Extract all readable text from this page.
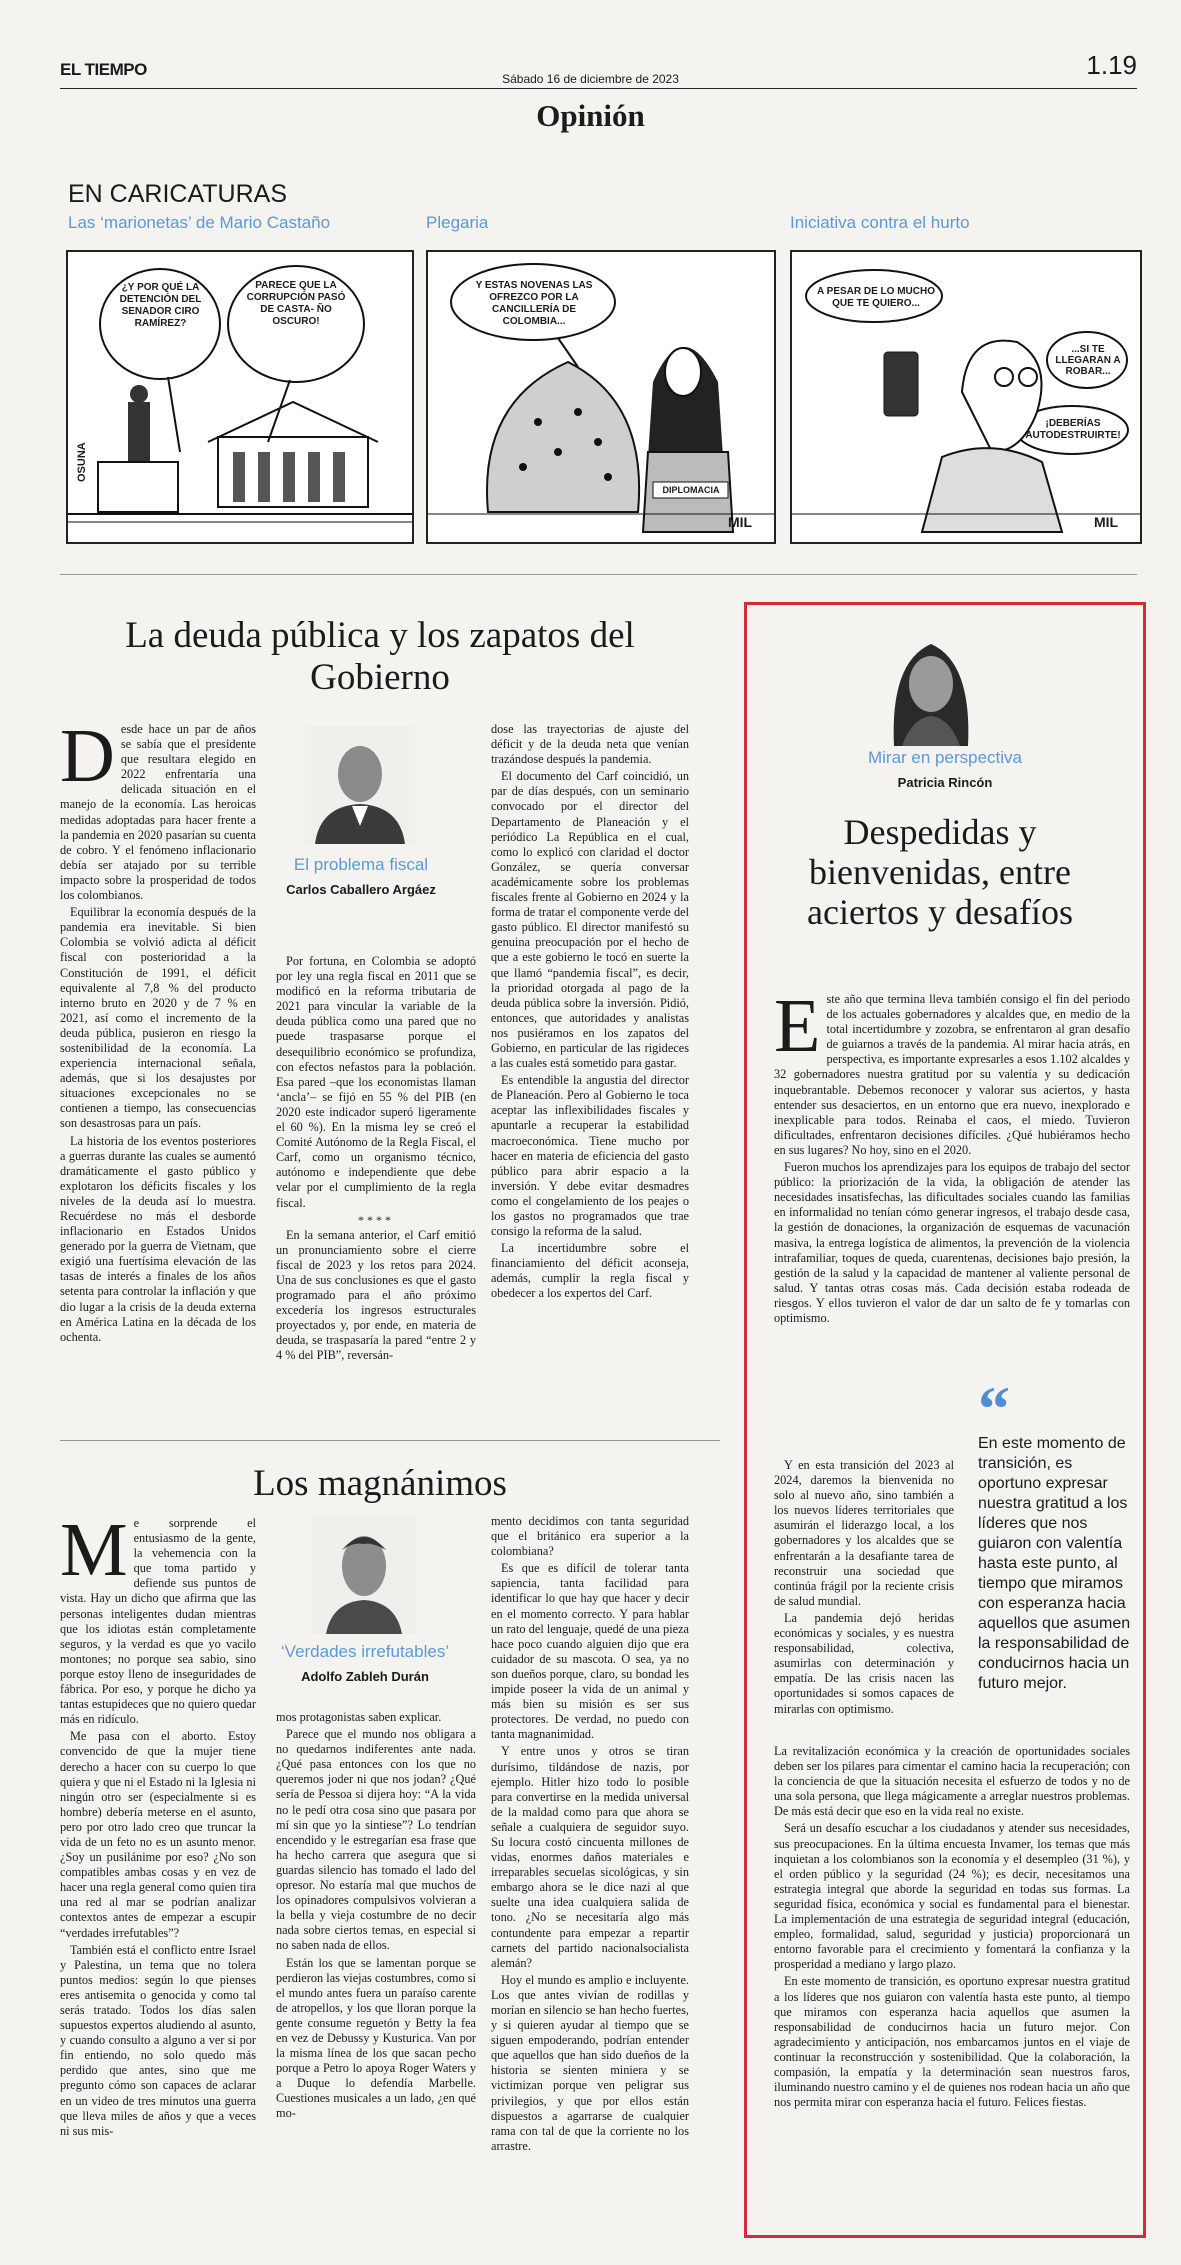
EL TIEMPO	Sábado 16 de diciembre de 2023	1.19
Opinión
EN CARICATURAS
Las ‘marionetas’ de Mario Castaño	Plegaria	Iniciativa contra el hurto
¿Y POR QUÉ LA DETENCIÓN DEL SENADOR CIRO RAMÍREZ?
PARECE QUE LA CORRUPCIÓN PASÓ DE CASTA- ÑO OSCURO!
OSUNA
Y ESTAS NOVENAS LAS OFREZCO POR LA CANCILLERÍA DE COLOMBIA...
DIPLOMACIA
MIL
A PESAR DE LO MUCHO QUE TE QUIERO...
...SI TE LLEGARAN A ROBAR...
¡DEBERÍAS AUTODESTRUIRTE!
MIL
La deuda pública y los zapatos del Gobierno
D esde hace un par de años se sabía que el presidente que resultara elegido en 2022 enfrentaría una delicada situación en el manejo de la economía. Las heroicas medidas adoptadas para hacer frente a la pandemia en 2020 pasarían su cuenta de cobro. Y el fenómeno inflacionario debía ser atajado por su terrible impacto sobre la prosperidad de todos los colombianos.

Equilibrar la economía después de la pandemia era inevitable. Si bien Colombia se volvió adicta al déficit fiscal con posterioridad a la Constitución de 1991, el déficit equivalente al 7,8 % del producto interno bruto en 2020 y de 7 % en 2021, así como el incremento de la deuda pública, pusieron en riesgo la sostenibilidad de la economía. La experiencia internacional señala, además, que si los desajustes por situaciones excepcionales no se contienen a tiempo, las consecuencias son desastrosas para un país.

La historia de los eventos posteriores a guerras durante las cuales se aumentó dramáticamente el gasto público y explotaron los déficits fiscales y los niveles de la deuda así lo muestra. Recuérdese no más el desborde inflacionario en Estados Unidos generado por la guerra de Vietnam, que exigió una fuertísima elevación de las tasas de interés a finales de los años setenta para controlar la inflación y que dio lugar a la crisis de la deuda externa en América Latina en la década de los ochenta.

El problema fiscal
Carlos Caballero Argáez

Por fortuna, en Colombia se adoptó por ley una regla fiscal en 2011 que se modificó en la reforma tributaria de 2021 para vincular la variable de la deuda pública como una pared que no puede traspasarse porque el desequilibrio económico se profundiza, con efectos nefastos para la población. Esa pared –que los economistas llaman ‘ancla’– se fijó en 55 % del PIB (en 2020 este indicador superó ligeramente el 60 %). En la misma ley se creó el Comité Autónomo de la Regla Fiscal, el Carf, como un organismo técnico, autónomo e independiente que debe velar por el cumplimiento de la regla fiscal.

****

En la semana anterior, el Carf emitió un pronunciamiento sobre el cierre fiscal de 2023 y los retos para 2024. Una de sus conclusiones es que el gasto programado para el año próximo excedería los ingresos estructurales proyectados y, por ende, en materia de deuda, se traspasaría la pared “entre 2 y 4 % del PIB”, reversán-

dose las trayectorias de ajuste del déficit y de la deuda neta que venían trazándose después la pandemia.

El documento del Carf coincidió, un par de días después, con un seminario convocado por el director del Departamento de Planeación y el periódico La República en el cual, como lo explicó con claridad el doctor González, se quería conversar académicamente sobre los problemas fiscales frente al Gobierno en 2024 y la forma de tratar el componente verde del gasto público. El director manifestó su genuina preocupación por el hecho de que a este gobierno le tocó en suerte la que llamó “pandemia fiscal”, es decir, la prioridad otorgada al pago de la deuda pública sobre la inversión. Pidió, entonces, que autoridades y analistas nos pusiéramos en los zapatos del Gobierno, en particular de las rigideces a las cuales está sometido para gastar.

Es entendible la angustia del director de Planeación. Pero al Gobierno le toca aceptar las inflexibilidades fiscales y apuntarle a recuperar la estabilidad macroeconómica. Tiene mucho por hacer en materia de eficiencia del gasto público para abrir espacio a la inversión. Y debe evitar desmadres como el congelamiento de los peajes o los gastos no programados que trae consigo la reforma de la salud.

La incertidumbre sobre el financiamiento del déficit aconseja, además, cumplir la regla fiscal y obedecer a los expertos del Carf.

Los magnánimos
M e sorprende el entusiasmo de la gente, la vehemencia con la que toma partido y defiende sus puntos de vista. Hay un dicho que afirma que las personas inteligentes dudan mientras que los idiotas están completamente seguros, y la verdad es que yo vacilo montones; no porque sea sabio, sino porque estoy lleno de inseguridades de fábrica. Por eso, y porque he dicho ya tantas estupideces que no quiero quedar más en ridículo.

Me pasa con el aborto. Estoy convencido de que la mujer tiene derecho a hacer con su cuerpo lo que quiera y que ni el Estado ni la Iglesia ni ningún otro ser (especialmente si es hombre) debería meterse en el asunto, pero por otro lado creo que truncar la vida de un feto no es un asunto menor. ¿Soy un pusilánime por eso? ¿No son compatibles ambas cosas y en vez de hacer una regla general como quien tira una red al mar se podrían analizar contextos antes de empezar a escupir “verdades irrefutables”?

También está el conflicto entre Israel y Palestina, un tema que no tolera puntos medios: según lo que pienses eres antisemita o genocida y como tal serás tratado. Todos los días salen supuestos expertos aludiendo al asunto, y cuando consulto a alguno a ver si por fin entiendo, no solo quedo más perdido que antes, sino que me pregunto cómo son capaces de aclarar en un video de tres minutos una guerra que lleva miles de años y que a veces ni sus mis-

‘Verdades irrefutables’
Adolfo Zableh Durán

mos protagonistas saben explicar.

Parece que el mundo nos obligara a no quedarnos indiferentes ante nada. ¿Qué pasa entonces con los que no queremos joder ni que nos jodan? ¿Qué sería de Pessoa si dijera hoy: “A la vida no le pedí otra cosa sino que pasara por mí sin que yo la sintiese”? Lo tendrían encendido y le estregarían esa frase que ha hecho carrera que asegura que si guardas silencio has tomado el lado del opresor. No estaría mal que muchos de los opinadores compulsivos volvieran a la bella y vieja costumbre de no decir nada sobre ciertos temas, en especial si no saben nada de ellos.

Están los que se lamentan porque se perdieron las viejas costumbres, como si el mundo antes fuera un paraíso carente de atropellos, y los que lloran porque la gente consume reguetón y Betty la fea en vez de Debussy y Kusturica. Van por la misma línea de los que sacan pecho porque a Petro lo apoya Roger Waters y a Duque lo defendía Marbelle. Cuestiones musicales a un lado, ¿en qué mo-

mento decidimos con tanta seguridad que el británico era superior a la colombiana?

Es que es difícil de tolerar tanta sapiencia, tanta facilidad para identificar lo que hay que hacer y decir en el momento correcto. Y para hablar un rato del lenguaje, quedé de una pieza hace poco cuando alguien dijo que era cuidador de su mascota. O sea, ya no son dueños porque, claro, su bondad les impide poseer la vida de un animal y más bien su misión es ser sus protectores. De verdad, no puedo con tanta magnanimidad.

Y entre unos y otros se tiran durísimo, tildándose de nazis, por ejemplo. Hitler hizo todo lo posible para convertirse en la medida universal de la maldad como para que ahora se señale a cualquiera de seguidor suyo. Su locura costó cincuenta millones de vidas, enormes daños materiales e irreparables secuelas sicológicas, y sin embargo ahora se le dice nazi al que suelte una idea cualquiera salida de tono. ¿No se necesitaría algo más contundente para empezar a repartir carnets del partido nacionalsocialista alemán?

Hoy el mundo es amplio e incluyente. Los que antes vivían de rodillas y morían en silencio se han hecho fuertes, y si quieren ayudar al tiempo que se siguen empoderando, podrían entender que aquellos que han sido dueños de la historia se sienten miniera y se victimizan porque ven peligrar sus privilegios, y que por ellos están dispuestos a agarrarse de cualquier rama con tal de que la corriente no los arrastre.

Mirar en perspectiva
Patricia Rincón
Despedidas y bienvenidas, entre aciertos y desafíos
E ste año que termina lleva también consigo el fin del periodo de los actuales gobernadores y alcaldes que, en medio de la total incertidumbre y zozobra, se enfrentaron al gran desafío de guiarnos a través de la pandemia. Al mirar hacia atrás, en perspectiva, es importante expresarles a esos 1.102 alcaldes y 32 gobernadores nuestra gratitud por su valentía y su dedicación inquebrantable. Debemos reconocer y valorar sus aciertos, y hasta entender sus desaciertos, en un entorno que era nuevo, inexplorado e inexplicable para todos. Reinaba el caos, el miedo. Tuvieron dificultades, enfrentaron decisiones difíciles. ¿Qué hubiéramos hecho en sus lugares? No hoy, sino en el 2020.

Fueron muchos los aprendizajes para los equipos de trabajo del sector público: la priorización de la vida, la obligación de atender las necesidades insatisfechas, las dificultades sociales cuando las familias en informalidad no tenían cómo generar ingresos, el trabajo desde casa, la gestión de donaciones, la organización de esquemas de vacunación masiva, la entrega logística de alimentos, la prevención de la violencia intrafamiliar, toques de queda, cuarentenas, decisiones bajo presión, la gestión de la salud y la capacidad de mantener al valiente personal de salud. Y tantas otras cosas más. Cada decisión estaba rodeada de riesgos. Y ellos tuvieron el valor de dar un salto de fe y tomarlas con optimismo.

Y en esta transición del 2023 al 2024, daremos la bienvenida no solo al nuevo año, sino también a los nuevos líderes territoriales que asumirán el liderazgo local, a los gobernadores y los alcaldes que se enfrentarán a la desafiante tarea de reconstruir una sociedad que continúa frágil por la reciente crisis de salud mundial.

La pandemia dejó heridas económicas y sociales, y es nuestra responsabilidad, colectiva, asumirlas con determinación y empatía. De las crisis nacen las oportunidades si somos capaces de mirarlas con optimismo.

“
En este momento de transición, es oportuno expresar nuestra gratitud a los líderes que nos guiaron con valentía hasta este punto, al tiempo que miramos con esperanza hacia aquellos que asumen la responsabilidad de conducirnos hacia un futuro mejor.

La revitalización económica y la creación de oportunidades sociales deben ser los pilares para cimentar el camino hacia la recuperación; con la conciencia de que la situación necesita el esfuerzo de todos y no de una sola persona, que llega mágicamente a arreglar nuestros problemas. De más está decir que eso en la vida real no existe.

Será un desafío escuchar a los ciudadanos y atender sus necesidades, sus preocupaciones. En la última encuesta Invamer, los temas que más inquietan a los colombianos son la economía y el desempleo (31 %), y el orden público y la seguridad (24 %); es decir, necesitamos una estrategia integral que aborde la seguridad en todas sus formas. La seguridad física, económica y social es fundamental para el bienestar. La implementación de una estrategia de seguridad integral (educación, empleo, formalidad, salud, seguridad y justicia) proporcionará un entorno favorable para el crecimiento y fomentará la confianza y la prosperidad a mediano y largo plazo.

En este momento de transición, es oportuno expresar nuestra gratitud a los líderes que nos guiaron con valentía hasta este punto, al tiempo que miramos con esperanza hacia aquellos que asumen la responsabilidad de conducirnos hacia un futuro mejor. Con agradecimiento y anticipación, nos embarcamos juntos en el viaje de continuar la reconstrucción y sostenibilidad. Que la colaboración, la compasión, la empatía y la determinación sean nuestros faros, iluminando nuestro camino y el de quienes nos rodean hacia un año que nos permita mirar con esperanza hacia el futuro. Felices fiestas.
